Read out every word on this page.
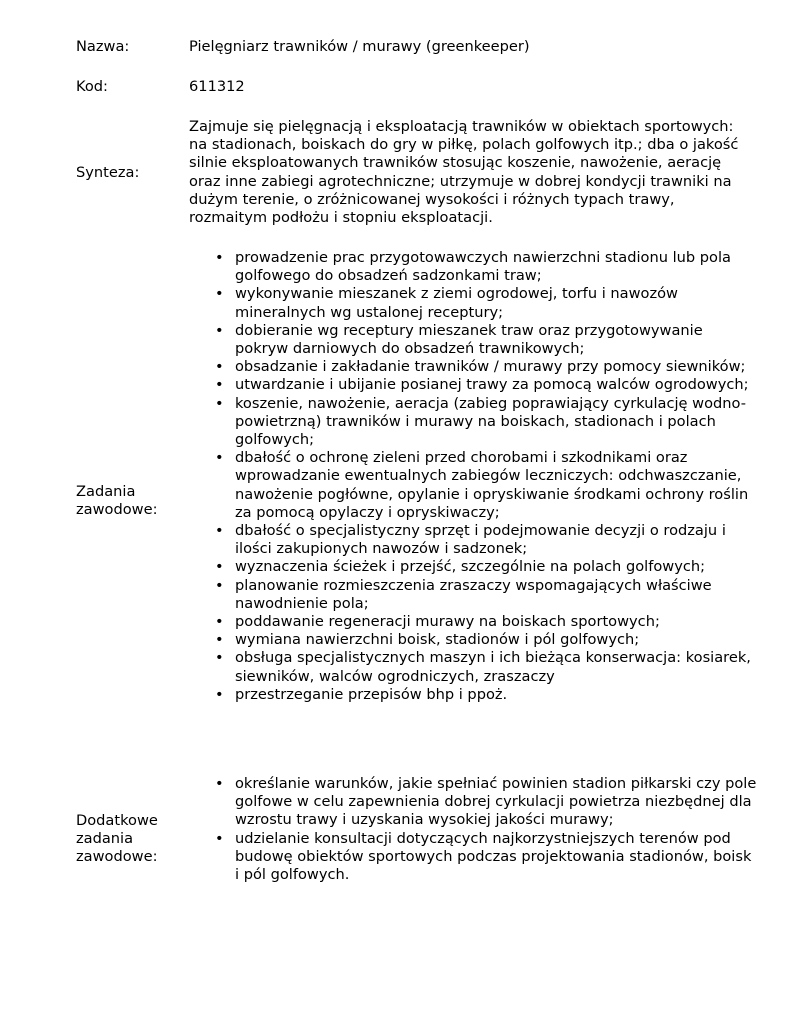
Nazwa:	Pielęgniarz trawników / murawy (greenkeeper)
Kod:	611312
Synteza:
Zajmuje się pielęgnacją i eksploatacją trawników w obiektach sportowych: na stadionach, boiskach do gry w piłkę, polach golfowych itp.; dba o jakość silnie eksploatowanych trawników stosując koszenie, nawożenie, aerację oraz inne zabiegi agrotechniczne; utrzymuje w dobrej kondycji trawniki na dużym terenie, o zróżnicowanej wysokości i różnych typach trawy, rozmaitym podłożu i stopniu eksploatacji.
Zadania
zawodowe:
• prowadzenie prac przygotowawczych nawierzchni stadionu lub pola golfowego do obsadzeń sadzonkami traw;
• wykonywanie mieszanek z ziemi ogrodowej, torfu i nawozów mineralnych wg ustalonej receptury;
• dobieranie wg receptury mieszanek traw oraz przygotowywanie pokryw darniowych do obsadzeń trawnikowych;
• obsadzanie i zakładanie trawników / murawy przy pomocy siewników;
• utwardzanie i ubijanie posianej trawy za pomocą walców ogrodowych;
• koszenie, nawożenie, aeracja (zabieg poprawiający cyrkulację wodno-powietrzną) trawników i murawy na boiskach, stadionach i polach golfowych;
• dbałość o ochronę zieleni przed chorobami i szkodnikami oraz wprowadzanie ewentualnych zabiegów leczniczych: odchwaszczanie, nawożenie pogłówne, opylanie i opryskiwanie środkami ochrony roślin za pomocą opylaczy i opryskiwaczy;
• dbałość o specjalistyczny sprzęt i podejmowanie decyzji o rodzaju i ilości zakupionych nawozów i sadzonek;
• wyznaczenia ścieżek i przejść, szczególnie na polach golfowych;
• planowanie rozmieszczenia zraszaczy wspomagających właściwe nawodnienie pola;
• poddawanie regeneracji murawy na boiskach sportowych;
• wymiana nawierzchni boisk, stadionów i pól golfowych;
• obsługa specjalistycznych maszyn i ich bieżąca konserwacja: kosiarek, siewników, walców ogrodniczych, zraszaczy
• przestrzeganie przepisów bhp i ppoż.
Dodatkowe
zadania
zawodowe:
• określanie warunków, jakie spełniać powinien stadion piłkarski czy pole golfowe w celu zapewnienia dobrej cyrkulacji powietrza niezbędnej dla wzrostu trawy i uzyskania wysokiej jakości murawy;
• udzielanie konsultacji dotyczących najkorzystniejszych terenów pod budowę obiektów sportowych podczas projektowania stadionów, boisk i pól golfowych.
